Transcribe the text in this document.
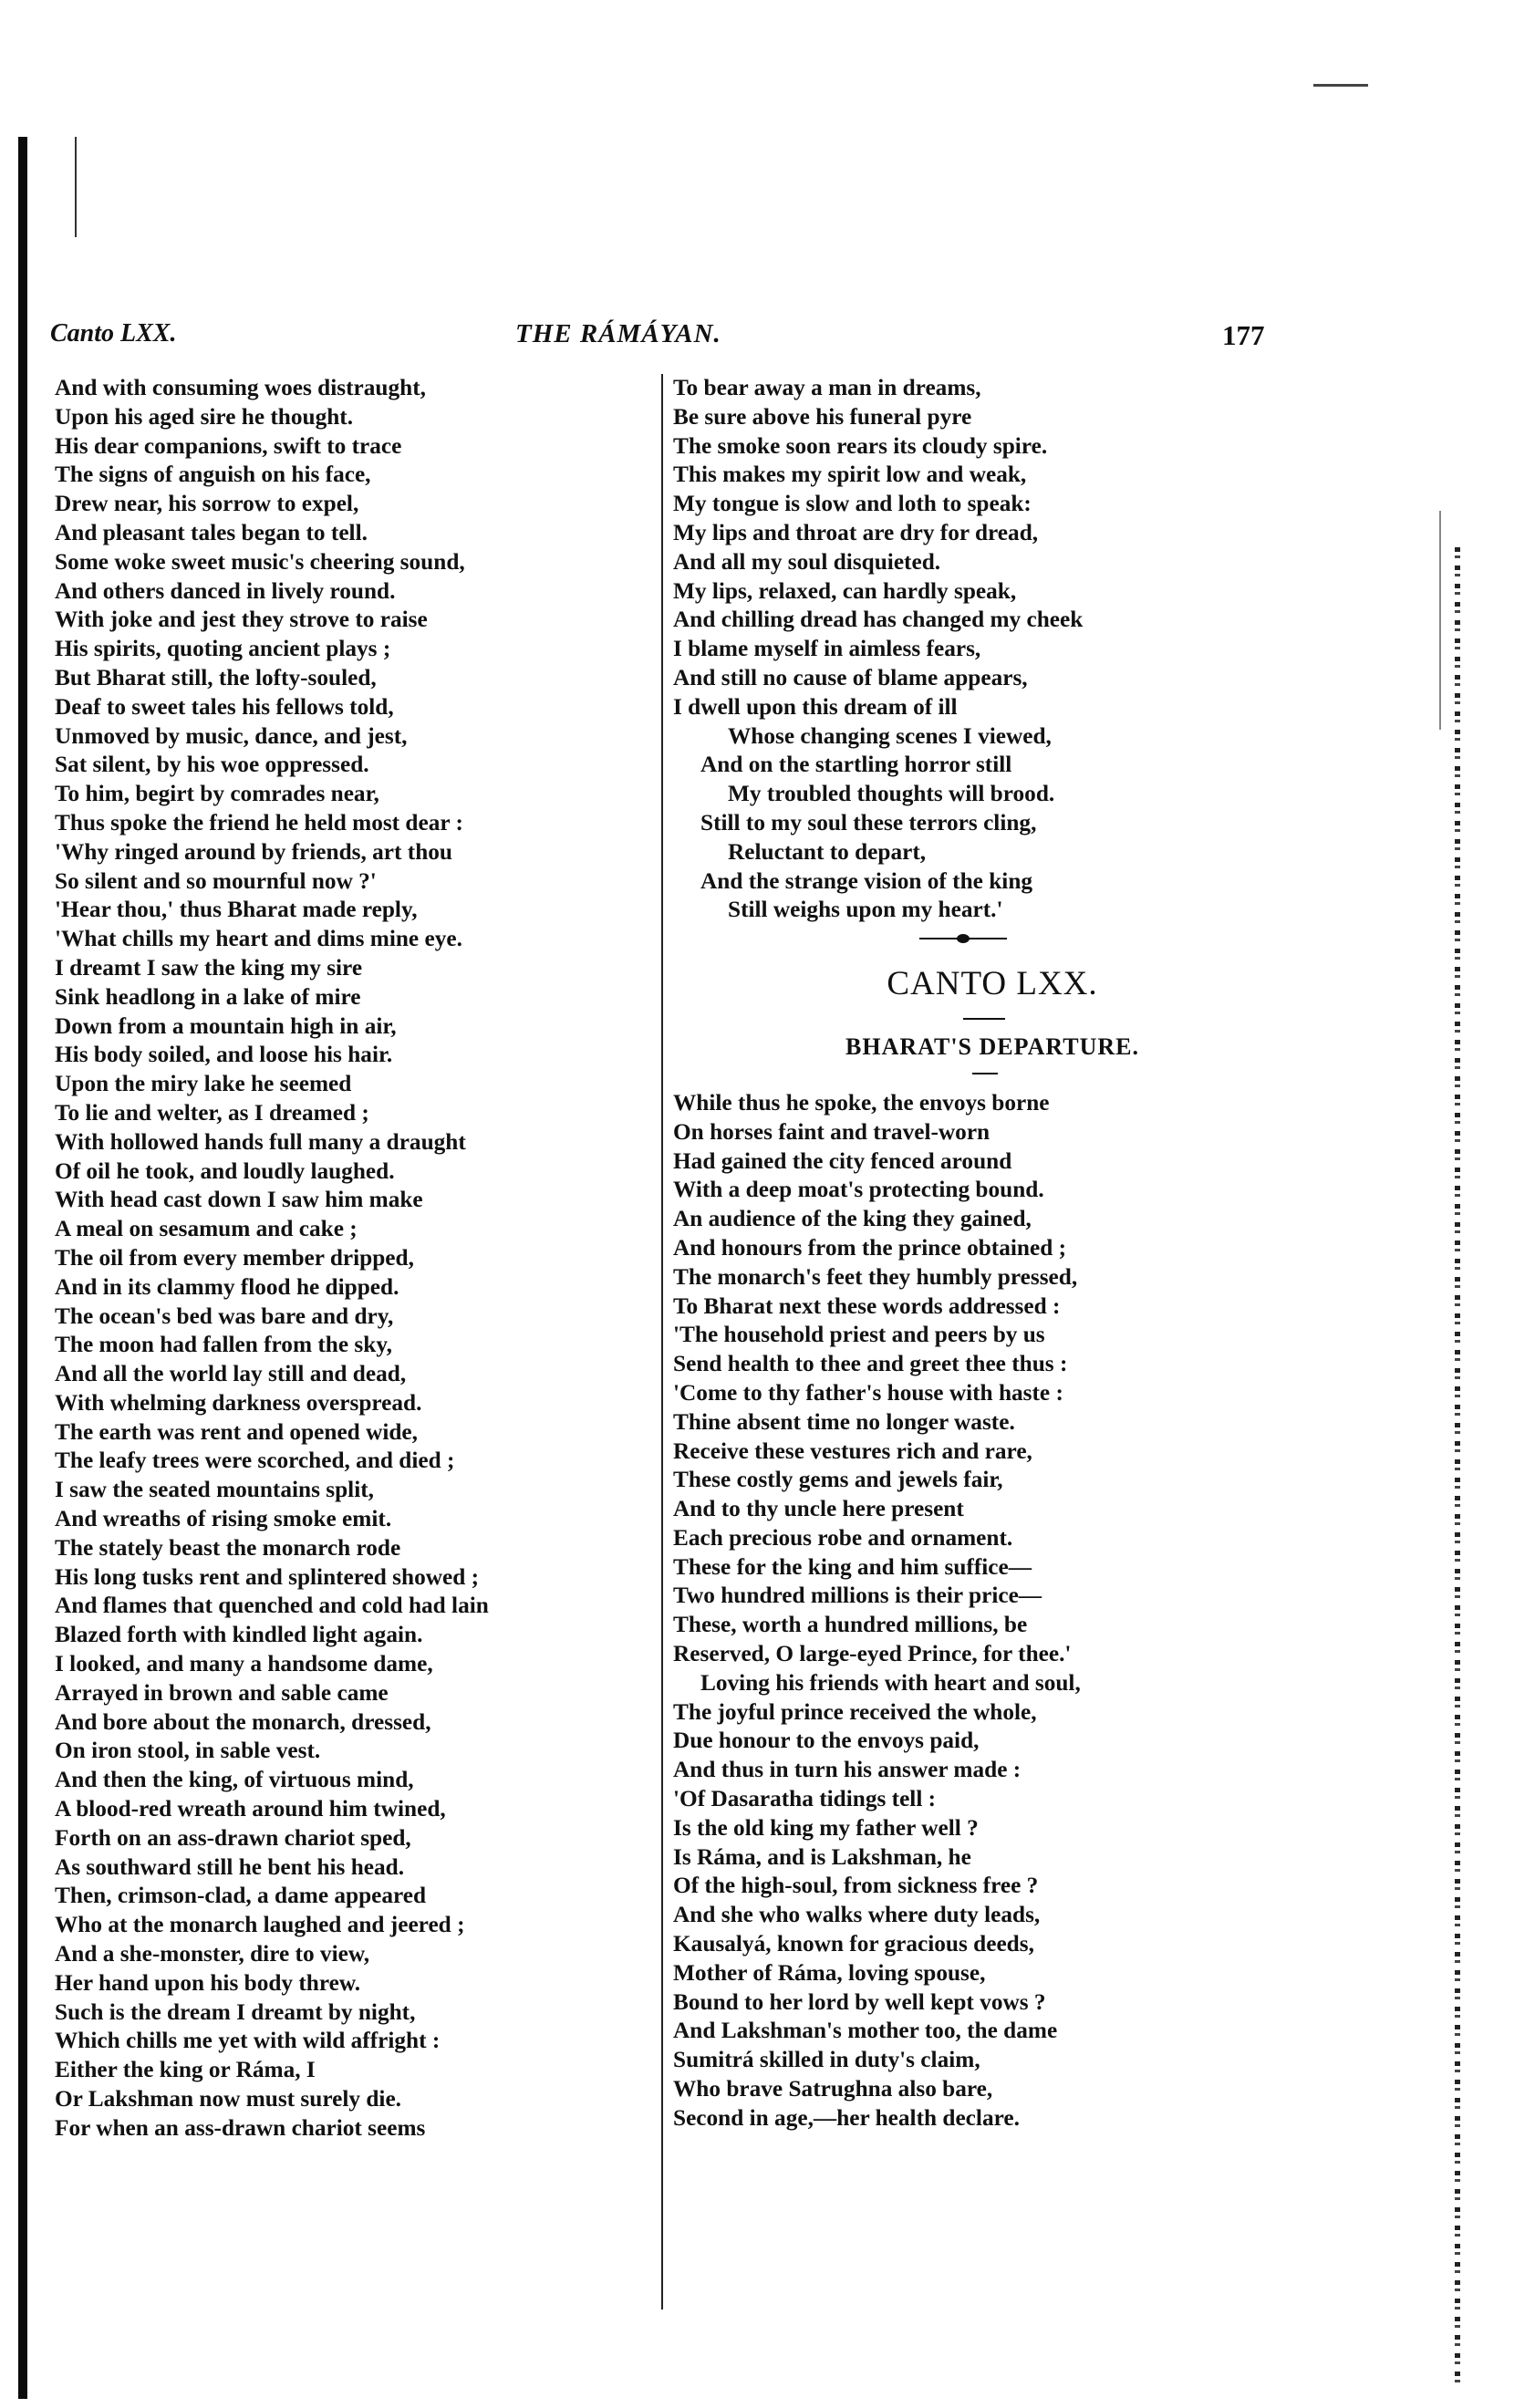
Canto LXX.	THE RÁMÁYAN.	177
And with consuming woes distraught,
Upon his aged sire he thought.
His dear companions, swift to trace
The signs of anguish on his face,
Drew near, his sorrow to expel,
And pleasant tales began to tell.
Some woke sweet music's cheering sound,
And others danced in lively round.
With joke and jest they strove to raise
His spirits, quoting ancient plays ;
But Bharat still, the lofty-souled,
Deaf to sweet tales his fellows told,
Unmoved by music, dance, and jest,
Sat silent, by his woe oppressed.
To him, begirt by comrades near,
Thus spoke the friend he held most dear :
'Why ringed around by friends, art thou
So silent and so mournful now ?'
'Hear thou,' thus Bharat made reply,
'What chills my heart and dims mine eye.
I dreamt I saw the king my sire
Sink headlong in a lake of mire
Down from a mountain high in air,
His body soiled, and loose his hair.
Upon the miry lake he seemed
To lie and welter, as I dreamed ;
With hollowed hands full many a draught
Of oil he took, and loudly laughed.
With head cast down I saw him make
A meal on sesamum and cake ;
The oil from every member dripped,
And in its clammy flood he dipped.
The ocean's bed was bare and dry,
The moon had fallen from the sky,
And all the world lay still and dead,
With whelming darkness overspread.
The earth was rent and opened wide,
The leafy trees were scorched, and died ;
I saw the seated mountains split,
And wreaths of rising smoke emit.
The stately beast the monarch rode
His long tusks rent and splintered showed ;
And flames that quenched and cold had lain
Blazed forth with kindled light again.
I looked, and many a handsome dame,
Arrayed in brown and sable came
And bore about the monarch, dressed,
On iron stool, in sable vest.
And then the king, of virtuous mind,
A blood-red wreath around him twined,
Forth on an ass-drawn chariot sped,
As southward still he bent his head.
Then, crimson-clad, a dame appeared
Who at the monarch laughed and jeered ;
And a she-monster, dire to view,
Her hand upon his body threw.
Such is the dream I dreamt by night,
Which chills me yet with wild affright :
Either the king or Ráma, I
Or Lakshman now must surely die.
For when an ass-drawn chariot seems
To bear away a man in dreams,
Be sure above his funeral pyre
The smoke soon rears its cloudy spire.
This makes my spirit low and weak,
My tongue is slow and loth to speak:
My lips and throat are dry for dread,
And all my soul disquieted.
My lips, relaxed, can hardly speak,
And chilling dread has changed my cheek
I blame myself in aimless fears,
And still no cause of blame appears,
I dwell upon this dream of ill
Whose changing scenes I viewed,
And on the startling horror still
My troubled thoughts will brood.
Still to my soul these terrors cling,
Reluctant to depart,
And the strange vision of the king
Still weighs upon my heart.'
CANTO LXX.
BHARAT'S DEPARTURE.
While thus he spoke, the envoys borne
On horses faint and travel-worn
Had gained the city fenced around
With a deep moat's protecting bound.
An audience of the king they gained,
And honours from the prince obtained ;
The monarch's feet they humbly pressed,
To Bharat next these words addressed :
'The household priest and peers by us
Send health to thee and greet thee thus :
'Come to thy father's house with haste :
Thine absent time no longer waste.
Receive these vestures rich and rare,
These costly gems and jewels fair,
And to thy uncle here present
Each precious robe and ornament.
These for the king and him suffice—
Two hundred millions is their price—
These, worth a hundred millions, be
Reserved, O large-eyed Prince, for thee.'
Loving his friends with heart and soul,
The joyful prince received the whole,
Due honour to the envoys paid,
And thus in turn his answer made :
'Of Dasaratha tidings tell :
Is the old king my father well ?
Is Ráma, and is Lakshman, he
Of the high-soul, from sickness free ?
And she who walks where duty leads,
Kausalyá, known for gracious deeds,
Mother of Ráma, loving spouse,
Bound to her lord by well kept vows ?
And Lakshman's mother too, the dame
Sumitrá skilled in duty's claim,
Who brave Satrughna also bare,
Second in age,—her health declare.
